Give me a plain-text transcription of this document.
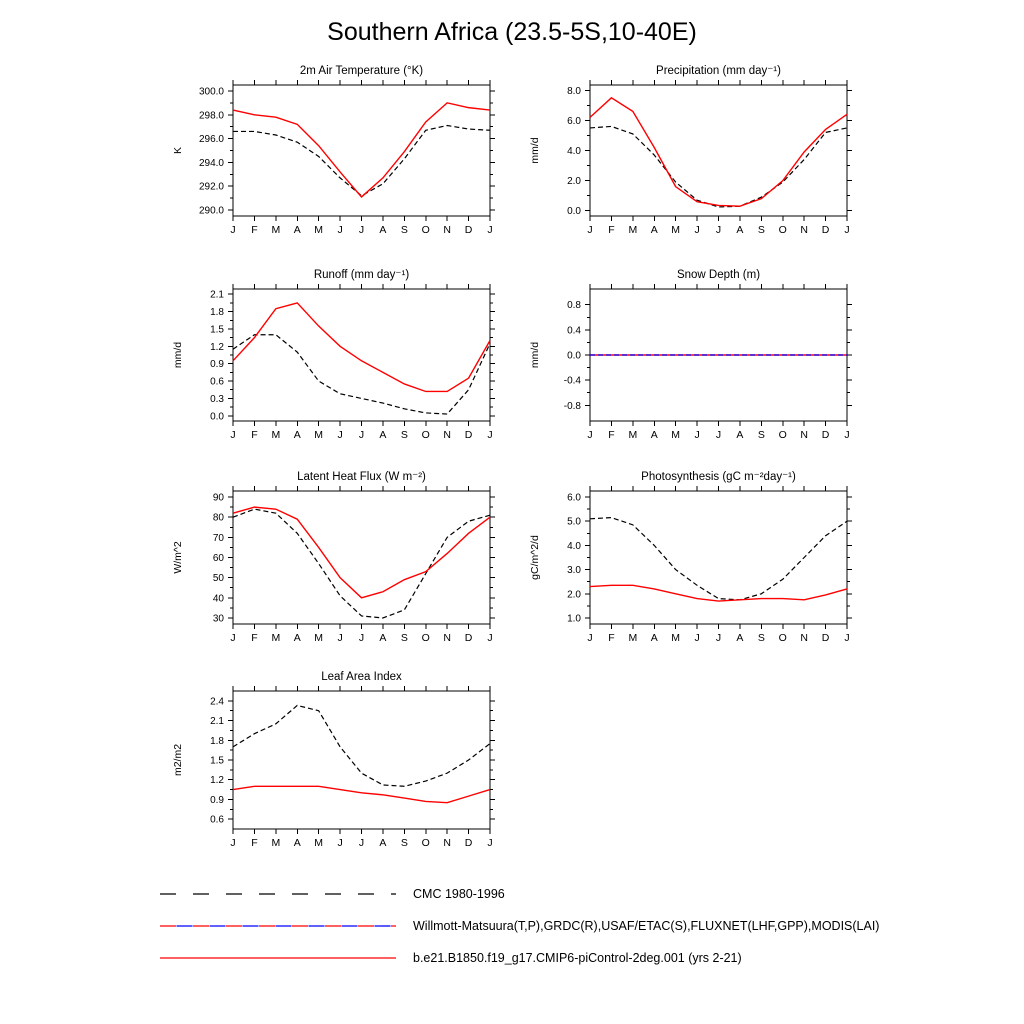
Southern Africa (23.5-5S,10-40E)
2m Air Temperature (°K)
K
290.0
292.0
294.0
296.0
298.0
300.0
J F M A M J J A S O N D J
Precipitation (mm day⁻¹)
mm/d
0.0
2.0
4.0
6.0
8.0
J F M A M J J A S O N D J
Runoff (mm day⁻¹)
mm/d
0.0
0.3
0.6
0.9
1.2
1.5
1.8
2.1
J F M A M J J A S O N D J
Snow Depth (m)
mm/d
-0.8
-0.4
0.0
0.4
0.8
J F M A M J J A S O N D J
Latent Heat Flux (W m⁻²)
W/m^2
30
40
50
60
70
80
90
J F M A M J J A S O N D J
Photosynthesis (gC m⁻²day⁻¹)
gC/m^2/d
1.0
2.0
3.0
4.0
5.0
6.0
J F M A M J J A S O N D J
Leaf Area Index
m2/m2
0.6
0.9
1.2
1.5
1.8
2.1
2.4
J F M A M J J A S O N D J
CMC 1980-1996
Willmott-Matsuura(T,P),GRDC(R),USAF/ETAC(S),FLUXNET(LHF,GPP),MODIS(LAI)
b.e21.B1850.f19_g17.CMIP6-piControl-2deg.001 (yrs 2-21)
